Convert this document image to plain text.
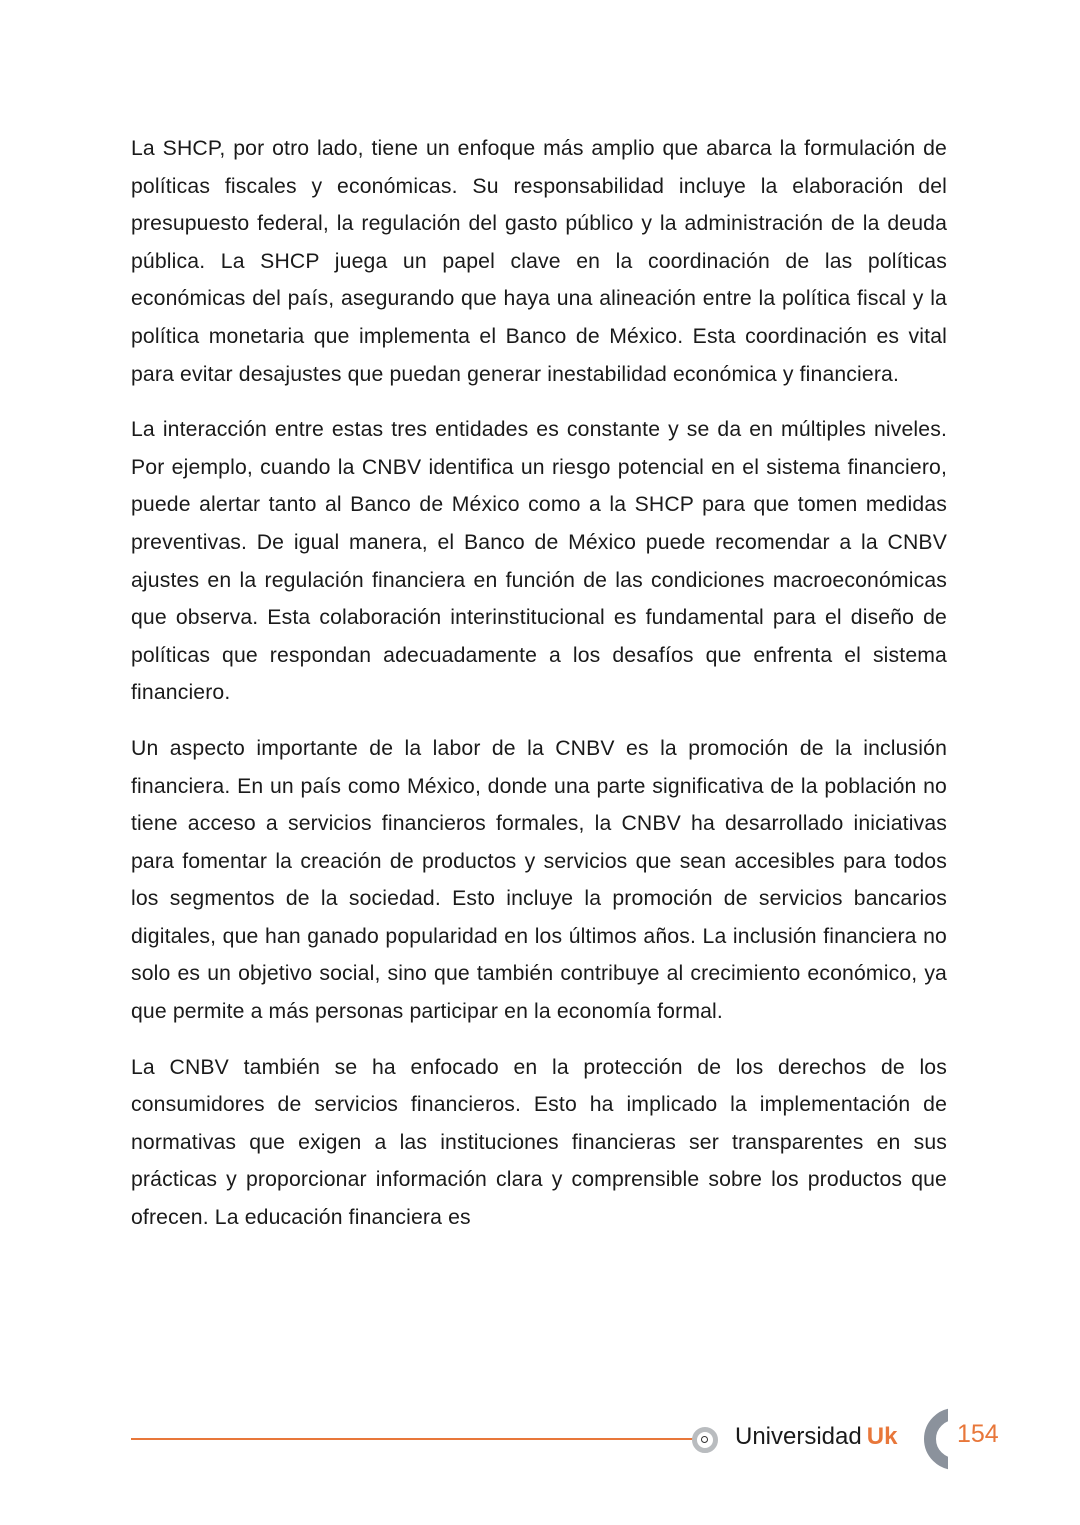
La SHCP, por otro lado, tiene un enfoque más amplio que abarca la formulación de políticas fiscales y económicas. Su responsabilidad incluye la elaboración del presupuesto federal, la regulación del gasto público y la administración de la deuda pública. La SHCP juega un papel clave en la coordinación de las políticas económicas del país, asegurando que haya una alineación entre la política fiscal y la política monetaria que implementa el Banco de México. Esta coordinación es vital para evitar desajustes que puedan generar inestabilidad económica y financiera.

La interacción entre estas tres entidades es constante y se da en múltiples niveles. Por ejemplo, cuando la CNBV identifica un riesgo potencial en el sistema financiero, puede alertar tanto al Banco de México como a la SHCP para que tomen medidas preventivas. De igual manera, el Banco de México puede recomendar a la CNBV ajustes en la regulación financiera en función de las condiciones macroeconómicas que observa. Esta colaboración interinstitucional es fundamental para el diseño de políticas que respondan adecuadamente a los desafíos que enfrenta el sistema financiero.

Un aspecto importante de la labor de la CNBV es la promoción de la inclusión financiera. En un país como México, donde una parte significativa de la población no tiene acceso a servicios financieros formales, la CNBV ha desarrollado iniciativas para fomentar la creación de productos y servicios que sean accesibles para todos los segmentos de la sociedad. Esto incluye la promoción de servicios bancarios digitales, que han ganado popularidad en los últimos años. La inclusión financiera no solo es un objetivo social, sino que también contribuye al crecimiento económico, ya que permite a más personas participar en la economía formal.

La CNBV también se ha enfocado en la protección de los derechos de los consumidores de servicios financieros. Esto ha implicado la implementación de normativas que exigen a las instituciones financieras ser transparentes en sus prácticas y proporcionar información clara y comprensible sobre los productos que ofrecen. La educación financiera es

Universidad Uk 154
